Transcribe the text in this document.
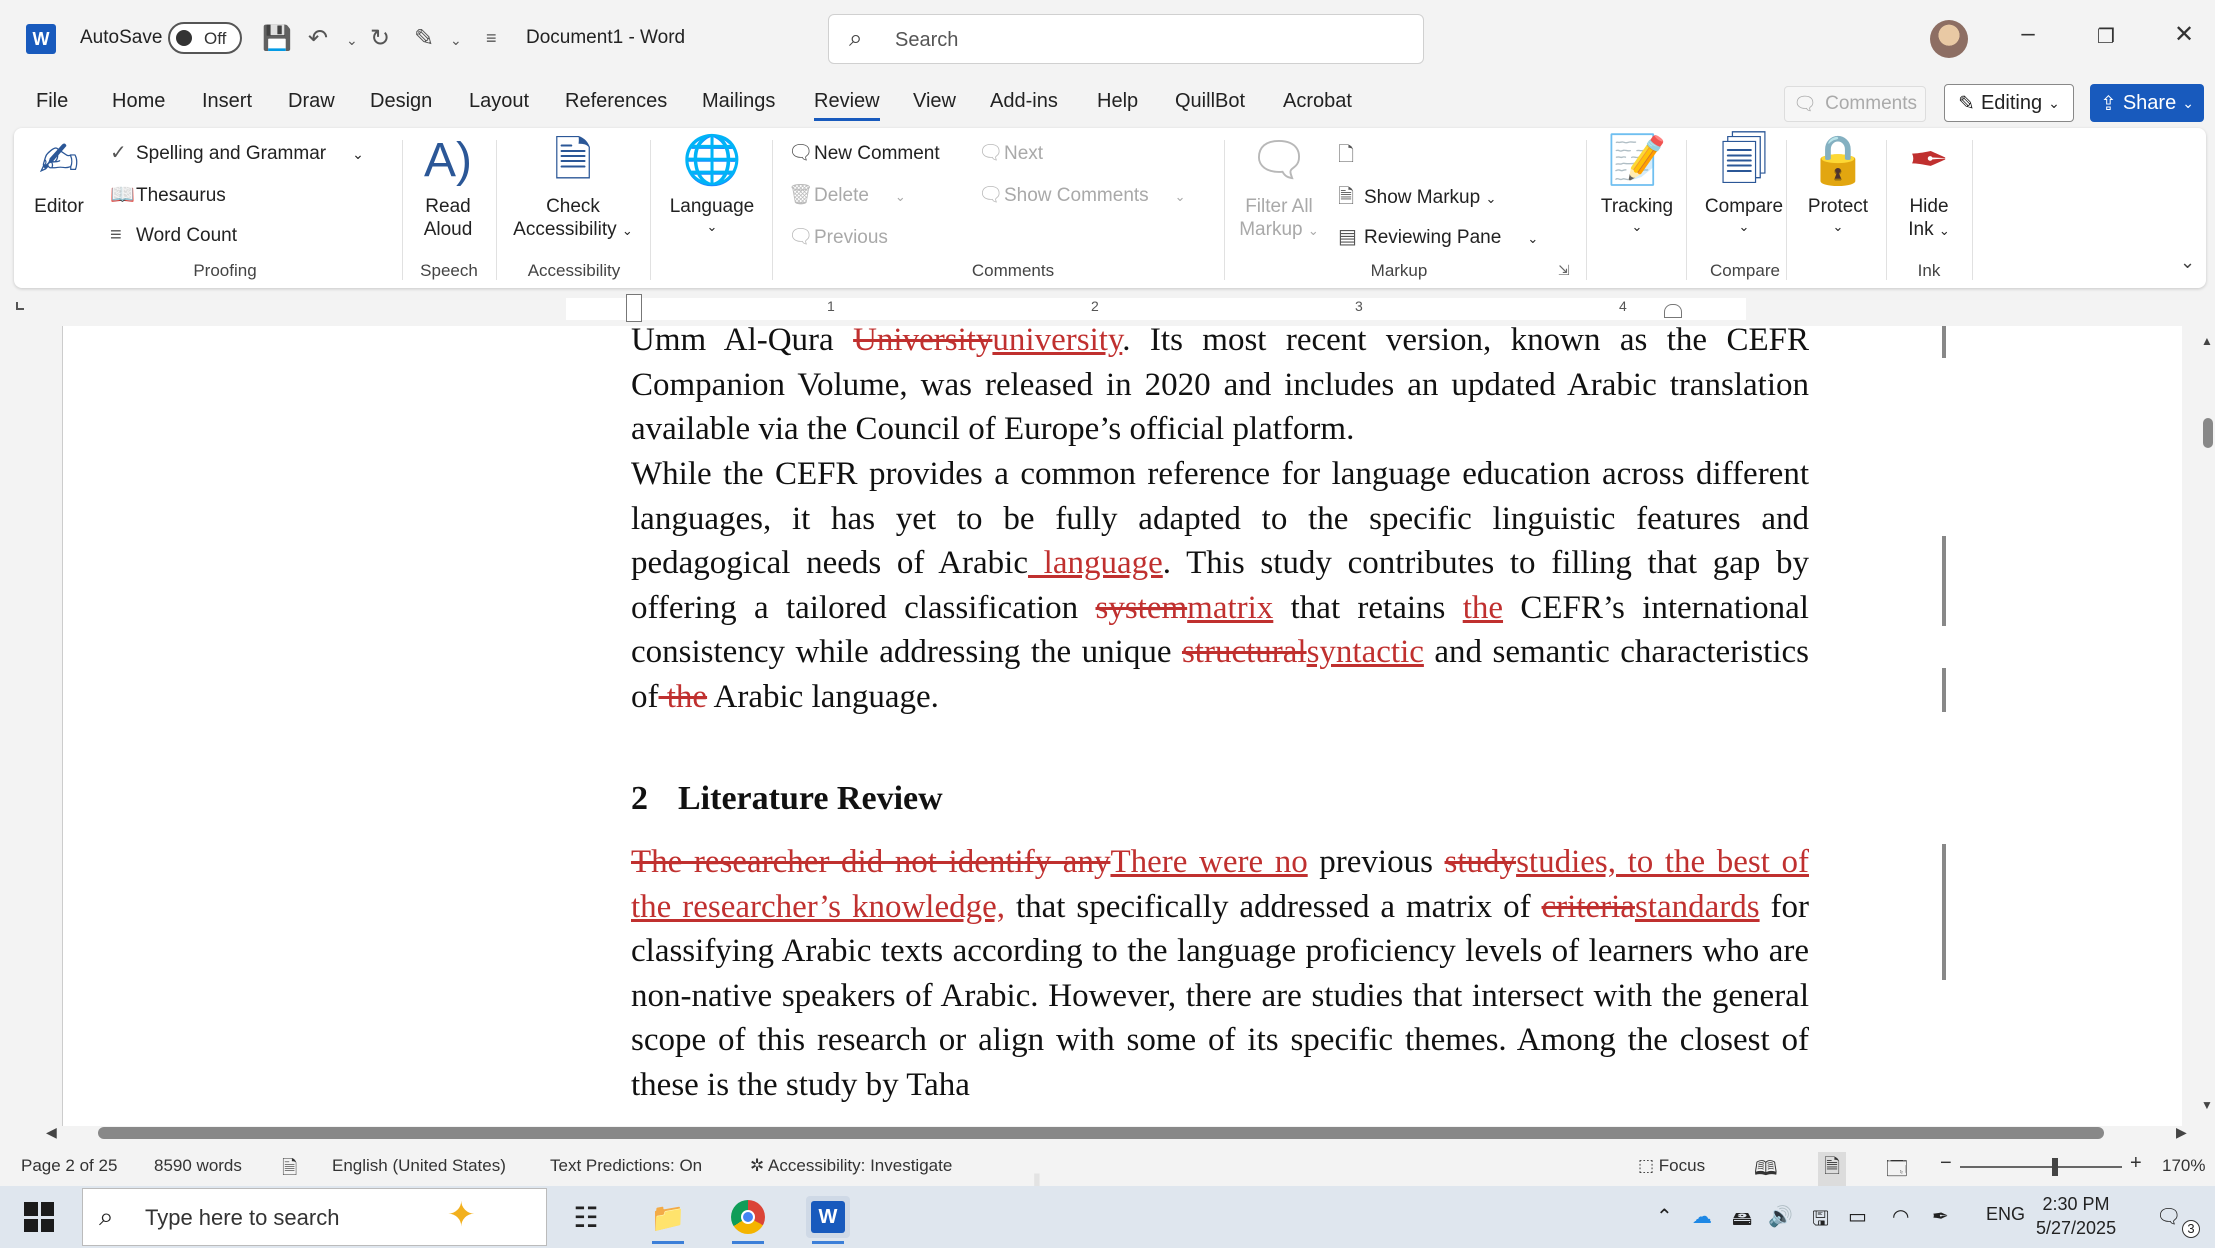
W	AutoSave Off 💾 ↶ ⌄ ↻ ✎ ⌄ ≡ Document1 - Word	⌕ Search	–	❐	✕
File Home Insert Draw Design Layout References Mailings Review View Add-ins Help QuillBot Acrobat	🗨 Comments ✎ Editing ⌄ ⇪ Share ⌄
✍
Editor
✓ Spelling and Grammar ⌄
📖Thesaurus
≡ Word Count
Proofing
A)
Read
Aloud
Speech
🗎
Check
Accessibility ⌄
Accessibility
🌐
Language
⌄
🗨New Comment
🗑Delete ⌄
🗨Previous
🗨Next
🗨Show Comments ⌄
Comments
🗨
Filter All
Markup ⌄
🗋
🗎 Show Markup ⌄
▤ Reviewing Pane ⌄
Markup	⇲
📝
Tracking
⌄
🗐
Compare
⌄
Compare
🔒
Protect
⌄
✒
Hide
Ink ⌄
Ink	⌄
1	2	3	4
Umm Al-Qura Universityuniversity. Its most recent version, known as the CEFR Companion Volume, was released in 2020 and includes an updated Arabic translation available via the Council of Europe’s official platform.
While the CEFR provides a common reference for language education across different languages, it has yet to be fully adapted to the specific linguistic features and pedagogical needs of Arabic language. This study contributes to filling that gap by offering a tailored classification systemmatrix that retains the CEFR’s international consistency while addressing the unique structuralsyntactic and semantic characteristics of the Arabic language.
2 Literature Review
The researcher did not identify anyThere were no previous studystudies, to the best of the researcher’s knowledge, that specifically addressed a matrix of criteriastandards for classifying Arabic texts according to the language proficiency levels of learners who are non-native speakers of Arabic. However, there are studies that intersect with the general scope of this research or align with some of its specific themes. Among the closest of these is the study by Taha
▲
▼
◀	▶
Page 2 of 25 8590 words 🗎 English (United States)	Text Predictions: On	✲ Accessibility: Investigate	⬚ Focus 🕮	🗎	🗔 −	+ 170%
⌕ Type here to search	✦	☷	📁	W	⌃ ☁ 🖴 🔊 🖫 ▭ ◠ ✒ ENG 2:30 PM
5/27/2025 🗨
3
